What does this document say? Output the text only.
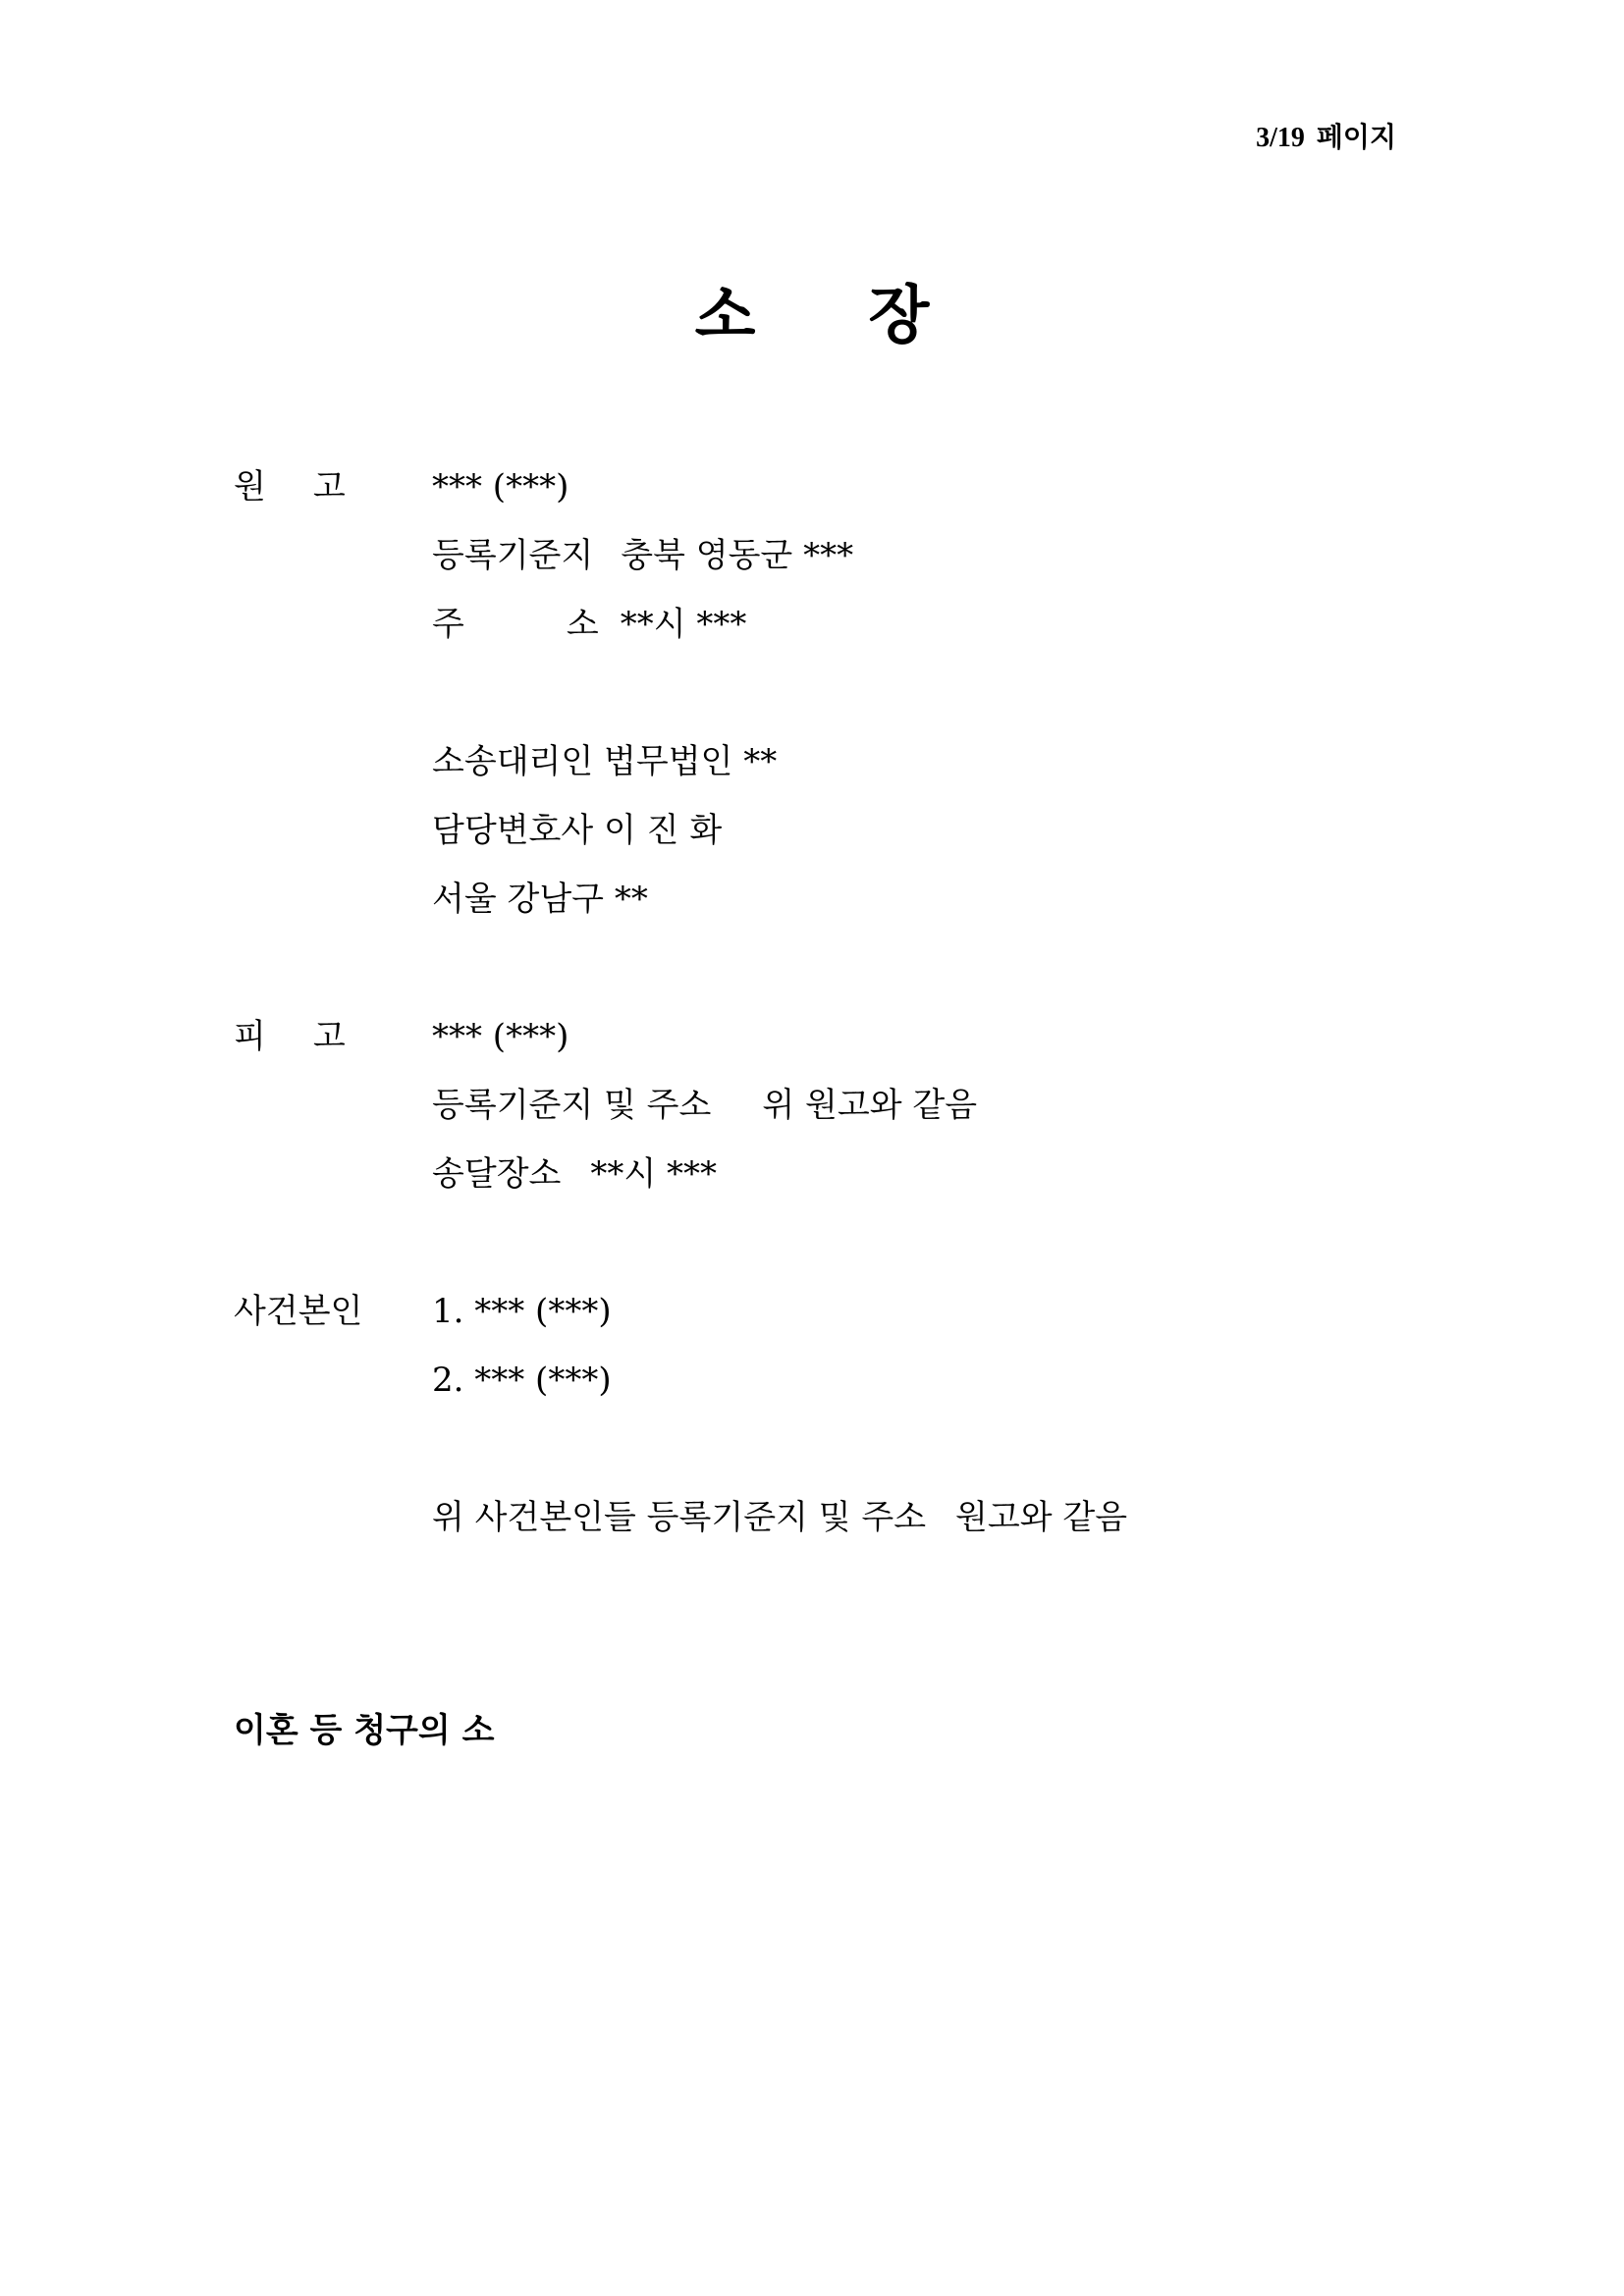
3/19 페이지
소 장
원 고	*** (***)
등록기준지 충북 영동군 ***
주	소 **시 ***
소송대리인 법무법인 **
담당변호사 이 진 화
서울 강남구 **
피 고	*** (***)
등록기준지 및 주소 위 원고와 같음
송달장소 **시 ***
사건본인 1. *** (***)
2. *** (***)
위 사건본인들 등록기준지 및 주소 원고와 같음
이혼 등 청구의 소
